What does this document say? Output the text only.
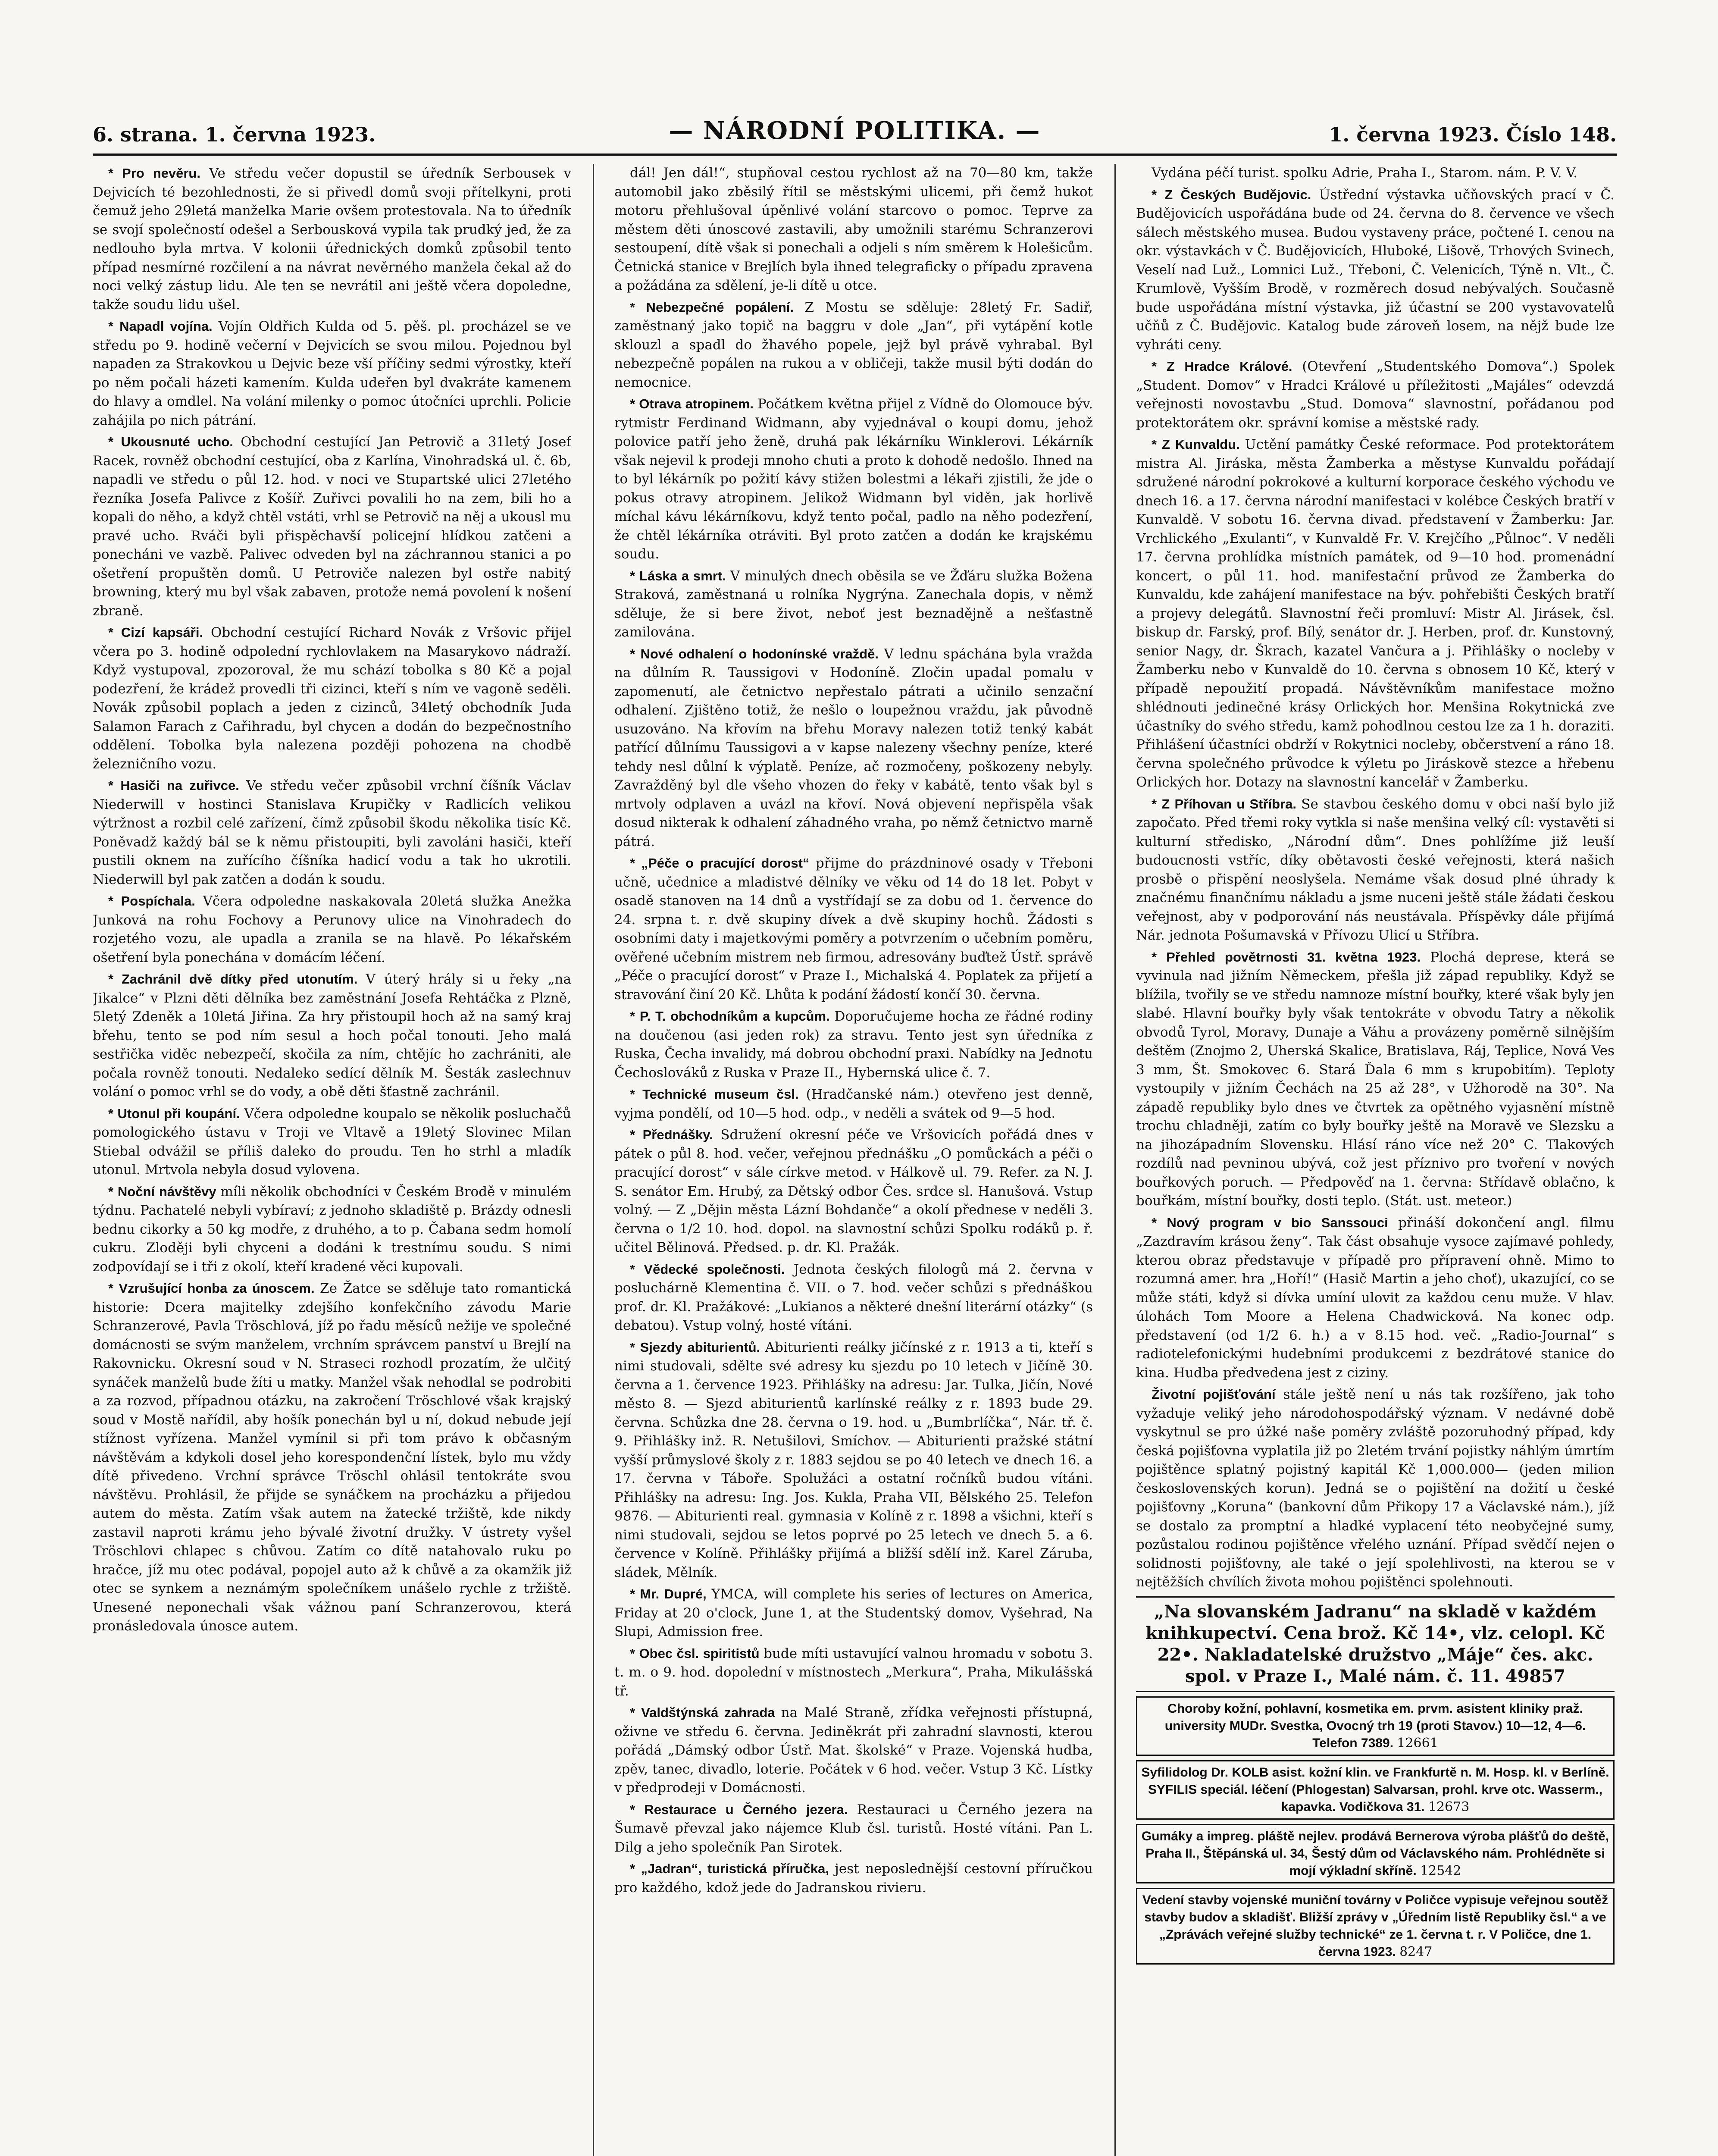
6. strana. 1. června 1923.	— NÁRODNÍ POLITIKA. —	1. června 1923. Číslo 148.

* Pro nevěru. Ve středu večer dopustil se úředník Serbousek v Dejvicích té bezohlednosti, že si přivedl domů svoji přítelkyni, proti čemuž jeho 29letá manželka Marie ovšem protestovala. Na to úředník se svojí společností odešel a Serbousková vypila tak prudký jed, že za nedlouho byla mrtva. V kolonii úřednických domků způsobil tento případ nesmírné rozčilení a na návrat nevěrného manžela čekal až do noci velký zástup lidu. Ale ten se nevrátil ani ještě včera dopoledne, takže soudu lidu ušel.

* Napadl vojína. Vojín Oldřich Kulda od 5. pěš. pl. procházel se ve středu po 9. hodině večerní v Dejvicích se svou milou. Pojednou byl napaden za Strakovkou u Dejvic beze vší příčiny sedmi výrostky, kteří po něm počali házeti kamením. Kulda udeřen byl dvakráte kamenem do hlavy a omdlel. Na volání milenky o pomoc útočníci uprchli. Policie zahájila po nich pátrání.

* Ukousnuté ucho. Obchodní cestující Jan Petrovič a 31letý Josef Racek, rovněž obchodní cestující, oba z Karlína, Vinohradská ul. č. 6b, napadli ve středu o půl 12. hod. v noci ve Stupartské ulici 27letého řezníka Josefa Palivce z Košíř. Zuřivci povalili ho na zem, bili ho a kopali do něho, a když chtěl vstáti, vrhl se Petrovič na něj a ukousl mu pravé ucho. Rváči byli přispěchavší policejní hlídkou zatčeni a ponecháni ve vazbě. Palivec odveden byl na záchrannou stanici a po ošetření propuštěn domů. U Petroviče nalezen byl ostře nabitý browning, který mu byl však zabaven, protože nemá povolení k nošení zbraně.

* Cizí kapsáři. Obchodní cestující Richard Novák z Vršovic přijel včera po 3. hodině odpolední rychlovlakem na Masarykovo nádraží. Když vystupoval, zpozoroval, že mu schází tobolka s 80 Kč a pojal podezření, že krádež provedli tři cizinci, kteří s ním ve vagoně seděli. Novák způsobil poplach a jeden z cizinců, 34letý obchodník Juda Salamon Farach z Cařihradu, byl chycen a dodán do bezpečnostního oddělení. Tobolka byla nalezena později pohozena na chodbě železničního vozu.

* Hasiči na zuřivce. Ve středu večer způsobil vrchní číšník Václav Niederwill v hostinci Stanislava Krupičky v Radlicích velikou výtržnost a rozbil celé zařízení, čímž způsobil škodu několika tisíc Kč. Poněvadž každý bál se k němu přistoupiti, byli zavoláni hasiči, kteří pustili oknem na zuřícího číšníka hadicí vodu a tak ho ukrotili. Niederwill byl pak zatčen a dodán k soudu.

* Pospíchala. Včera odpoledne naskakovala 20letá služka Anežka Junková na rohu Fochovy a Perunovy ulice na Vinohradech do rozjetého vozu, ale upadla a zranila se na hlavě. Po lékařském ošetření byla ponechána v domácím léčení.

* Zachránil dvě dítky před utonutím. V úterý hrály si u řeky „na Jikalce“ v Plzni děti dělníka bez zaměstnání Josefa Rehtáčka z Plzně, 5letý Zdeněk a 10letá Jiřina. Za hry přistoupil hoch až na samý kraj břehu, tento se pod ním sesul a hoch počal tonouti. Jeho malá sestřička viděc nebezpečí, skočila za ním, chtějíc ho zachrániti, ale počala rovněž tonouti. Nedaleko sedící dělník M. Šesták zaslechnuv volání o pomoc vrhl se do vody, a obě děti šťastně zachránil.

* Utonul při koupání. Včera odpoledne koupalo se několik posluchačů pomologického ústavu v Troji ve Vltavě a 19letý Slovinec Milan Stiebal odvážil se příliš daleko do proudu. Ten ho strhl a mladík utonul. Mrtvola nebyla dosud vylovena.

* Noční návštěvy míli několik obchodníci v Českém Brodě v minulém týdnu. Pachatelé nebyli vybíraví; z jednoho skladiště p. Brázdy odnesli bednu cikorky a 50 kg modře, z druhého, a to p. Čabana sedm homolí cukru. Zloději byli chyceni a dodáni k trestnímu soudu. S nimi zodpovídají se i tři z okolí, kteří kradené věci kupovali.

* Vzrušující honba za únoscem. Ze Žatce se sděluje tato romantická historie: Dcera majitelky zdejšího konfekčního závodu Marie Schranzerové, Pavla Tröschlová, jíž po řadu měsíců nežije ve společné domácnosti se svým manželem, vrchním správcem panství u Brejlí na Rakovnicku. Okresní soud v N. Straseci rozhodl prozatím, že ulčitý synáček manželů bude žíti u matky. Manžel však nehodlal se podrobiti a za rozvod, případnou otázku, na zakročení Tröschlové však krajský soud v Mostě nařídil, aby hošík ponechán byl u ní, dokud nebude její stížnost vyřízena. Manžel vymínil si při tom právo k občasným návštěvám a kdykoli dosel jeho korespondenční lístek, bylo mu vždy dítě přivedeno. Vrchní správce Tröschl ohlásil tentokráte svou návštěvu. Prohlásil, že přijde se synáčkem na procházku a přijedou autem do města. Zatím však autem na žatecké tržiště, kde nikdy zastavil naproti krámu jeho bývalé životní družky. V ústrety vyšel Tröschlovi chlapec s chůvou. Zatím co dítě natahovalo ruku po hračce, jíž mu otec podával, popojel auto až k chůvě a za okamžik již otec se synkem a neznámým společníkem unášelo rychle z tržiště. Unesené neponechali však vážnou paní Schranzerovou, která pronásledovala únosce autem.

dál! Jen dál!“, stupňoval cestou rychlost až na 70—80 km, takže automobil jako zběsilý řítil se městskými ulicemi, při čemž hukot motoru přehlušoval úpěnlivé volání starcovo o pomoc. Teprve za městem děti únoscové zastavili, aby umožnili starému Schranzerovi sestoupení, dítě však si ponechali a odjeli s ním směrem k Holešicům. Četnická stanice v Brejlích byla ihned telegraficky o případu zpravena a požádána za sdělení, je-li dítě u otce.

* Nebezpečné popálení. Z Mostu se sděluje: 28letý Fr. Sadiř, zaměstnaný jako topič na baggru v dole „Jan“, při vytápění kotle sklouzl a spadl do žhavého popele, jejž byl právě vyhrabal. Byl nebezpečně popálen na rukou a v obličeji, takže musil býti dodán do nemocnice.

* Otrava atropinem. Počátkem května přijel z Vídně do Olomouce býv. rytmistr Ferdinand Widmann, aby vyjednával o koupi domu, jehož polovice patří jeho ženě, druhá pak lékárníku Winklerovi. Lékárník však nejevil k prodeji mnoho chuti a proto k dohodě nedošlo. Ihned na to byl lékárník po požití kávy stižen bolestmi a lékaři zjistili, že jde o pokus otravy atropinem. Jelikož Widmann byl viděn, jak horlivě míchal kávu lékárníkovu, když tento počal, padlo na něho podezření, že chtěl lékárníka otráviti. Byl proto zatčen a dodán ke krajskému soudu.

* Láska a smrt. V minulých dnech oběsila se ve Žďáru služka Božena Straková, zaměstnaná u rolníka Nygrýna. Zanechala dopis, v němž sděluje, že si bere život, neboť jest beznadějně a nešťastně zamilována.

* Nové odhalení o hodonínské vraždě. V lednu spáchána byla vražda na důlním R. Taussigovi v Hodoníně. Zločin upadal pomalu v zapomenutí, ale četnictvo nepřestalo pátrati a učinilo senzační odhalení. Zjištěno totiž, že nešlo o loupežnou vraždu, jak původně usuzováno. Na křovím na břehu Moravy nalezen totiž tenký kabát patřící důlnímu Taussigovi a v kapse nalezeny všechny peníze, které tehdy nesl důlní k výplatě. Peníze, ač rozmočeny, poškozeny nebyly. Zavražděný byl dle všeho vhozen do řeky v kabátě, tento však byl s mrtvoly odplaven a uvázl na křoví. Nová objevení nepřispěla však dosud nikterak k odhalení záhadného vraha, po němž četnictvo marně pátrá.

* „Péče o pracující dorost“ přijme do prázdninové osady v Třeboni učně, učednice a mladistvé dělníky ve věku od 14 do 18 let. Pobyt v osadě stanoven na 14 dnů a vystřídají se za dobu od 1. července do 24. srpna t. r. dvě skupiny dívek a dvě skupiny hochů. Žádosti s osobními daty i majetkovými poměry a potvrzením o učebním poměru, ověřené učebním mistrem neb firmou, adresovány buďtež Ústř. správě „Péče o pracující dorost“ v Praze I., Michalská 4. Poplatek za přijetí a stravování činí 20 Kč. Lhůta k podání žádostí končí 30. června.

* P. T. obchodníkům a kupcům. Doporučujeme hocha ze řádné rodiny na doučenou (asi jeden rok) za stravu. Tento jest syn úředníka z Ruska, Čecha invalidy, má dobrou obchodní praxi. Nabídky na Jednotu Čechoslováků z Ruska v Praze II., Hybernská ulice č. 7.

* Technické museum čsl. (Hradčanské nám.) otevřeno jest denně, vyjma pondělí, od 10—5 hod. odp., v neděli a svátek od 9—5 hod.

* Přednášky. Sdružení okresní péče ve Vršovicích pořádá dnes v pátek o půl 8. hod. večer, veřejnou přednášku „O pomůckách a péči o pracující dorost“ v sále církve metod. v Hálkově ul. 79. Refer. za N. J. S. senátor Em. Hrubý, za Dětský odbor Čes. srdce sl. Hanušová. Vstup volný. — Z „Dějin města Lázní Bohdanče“ a okolí přednese v neděli 3. června o 1/2 10. hod. dopol. na slavnostní schůzi Spolku rodáků p. ř. učitel Bělinová. Předsed. p. dr. Kl. Pražák.

* Vědecké společnosti. Jednota českých filologů má 2. června v posluchárně Klementina č. VII. o 7. hod. večer schůzi s přednáškou prof. dr. Kl. Pražákové: „Lukianos a některé dnešní literární otázky“ (s debatou). Vstup volný, hosté vítáni.

* Sjezdy abiturientů. Abiturienti reálky jičínské z r. 1913 a ti, kteří s nimi studovali, sdělte své adresy ku sjezdu po 10 letech v Jičíně 30. června a 1. července 1923. Přihlášky na adresu: Jar. Tulka, Jičín, Nové město 8. — Sjezd abiturientů karlínské reálky z r. 1893 bude 29. června. Schůzka dne 28. června o 19. hod. u „Bumbrlíčka“, Nár. tř. č. 9. Přihlášky inž. R. Netušilovi, Smíchov. — Abiturienti pražské státní vyšší průmyslové školy z r. 1883 sejdou se po 40 letech ve dnech 16. a 17. června v Táboře. Spolužáci a ostatní ročníků budou vítáni. Přihlášky na adresu: Ing. Jos. Kukla, Praha VII, Bělského 25. Telefon 9876. — Abiturienti real. gymnasia v Kolíně z r. 1898 a všichni, kteří s nimi studovali, sejdou se letos poprvé po 25 letech ve dnech 5. a 6. července v Kolíně. Přihlášky přijímá a bližší sdělí inž. Karel Záruba, sládek, Mělník.

* Mr. Dupré, YMCA, will complete his series of lectures on America, Friday at 20 o'clock, June 1, at the Studentský domov, Vyšehrad, Na Slupi, Admission free.

* Obec čsl. spiritistů bude míti ustavující valnou hromadu v sobotu 3. t. m. o 9. hod. dopolední v místnostech „Merkura“, Praha, Mikulášská tř.

* Valdštýnská zahrada na Malé Straně, zřídka veřejnosti přístupná, oživne ve středu 6. června. Jediněkrát při zahradní slavnosti, kterou pořádá „Dámský odbor Ústř. Mat. školské“ v Praze. Vojenská hudba, zpěv, tanec, divadlo, loterie. Počátek v 6 hod. večer. Vstup 3 Kč. Lístky v předprodeji v Domácnosti.

* Restaurace u Černého jezera. Restauraci u Černého jezera na Šumavě převzal jako nájemce Klub čsl. turistů. Hosté vítáni. Pan L. Dilg a jeho společník Pan Sirotek.

* „Jadran“, turistická příručka, jest neposlednější cestovní příručkou pro každého, kdož jede do Jadranskou rivieru.

Vydána péčí turist. spolku Adrie, Praha I., Starom. nám. P. V. V.

* Z Českých Budějovic. Ústřední výstavka učňovských prací v Č. Budějovicích uspořádána bude od 24. června do 8. července ve všech sálech městského musea. Budou vystaveny práce, počtené I. cenou na okr. výstavkách v Č. Budějovicích, Hluboké, Lišově, Trhových Svinech, Veselí nad Luž., Lomnici Luž., Třeboni, Č. Velenicích, Týně n. Vlt., Č. Krumlově, Vyšším Brodě, v rozměrech dosud nebývalých. Současně bude uspořádána místní výstavka, již účastní se 200 vystavovatelů učňů z Č. Budějovic. Katalog bude zároveň losem, na nějž bude lze vyhráti ceny.

* Z Hradce Králové. (Otevření „Studentského Domova“.) Spolek „Student. Domov“ v Hradci Králové u příležitosti „Majáles“ odevzdá veřejnosti novostavbu „Stud. Domova“ slavnostní, pořádanou pod protektorátem okr. správní komise a městské rady.

* Z Kunvaldu. Uctění památky České reformace. Pod protektorátem mistra Al. Jiráska, města Žamberka a městyse Kunvaldu pořádají sdružené národní pokrokové a kulturní korporace českého východu ve dnech 16. a 17. června národní manifestaci v kolébce Českých bratří v Kunvaldě. V sobotu 16. června divad. představení v Žamberku: Jar. Vrchlického „Exulanti“, v Kunvaldě Fr. V. Krejčího „Půlnoc“. V neděli 17. června prohlídka místních památek, od 9—10 hod. promenádní koncert, o půl 11. hod. manifestační průvod ze Žamberka do Kunvaldu, kde zahájení manifestace na býv. pohřebišti Českých bratří a projevy delegátů. Slavnostní řeči promluví: Mistr Al. Jirásek, čsl. biskup dr. Farský, prof. Bílý, senátor dr. J. Herben, prof. dr. Kunstovný, senior Nagy, dr. Škrach, kazatel Vančura a j. Přihlášky o nocleby v Žamberku nebo v Kunvaldě do 10. června s obnosem 10 Kč, který v případě nepoužití propadá. Návštěvníkům manifestace možno shlédnouti jedinečné krásy Orlických hor. Menšina Rokytnická zve účastníky do svého středu, kamž pohodlnou cestou lze za 1 h. doraziti. Přihlášení účastníci obdrží v Rokytnici nocleby, občerstvení a ráno 18. června společného průvodce k výletu po Jiráskově stezce a hřebenu Orlických hor. Dotazy na slavnostní kancelář v Žamberku.

* Z Příhovan u Stříbra. Se stavbou českého domu v obci naší bylo již započato. Před třemi roky vytkla si naše menšina velký cíl: vystavěti si kulturní středisko, „Národní dům“. Dnes pohlížíme již leuší budoucnosti vstříc, díky obětavosti české veřejnosti, která našich prosbě o přispění neoslyšela. Nemáme však dosud plné úhrady k značnému finančnímu nákladu a jsme nuceni ještě stále žádati českou veřejnost, aby v podporování nás neustávala. Příspěvky dále přijímá Nár. jednota Pošumavská v Přívozu Ulicí u Stříbra.

* Přehled povětrnosti 31. května 1923. Plochá deprese, která se vyvinula nad jižním Německem, přešla již západ republiky. Když se blížila, tvořily se ve středu namnoze místní bouřky, které však byly jen slabé. Hlavní bouřky byly však tentokráte v obvodu Tatry a několik obvodů Tyrol, Moravy, Dunaje a Váhu a provázeny poměrně silnějším deštěm (Znojmo 2, Uherská Skalice, Bratislava, Ráj, Teplice, Nová Ves 3 mm, Št. Smokovec 6. Stará Ďala 6 mm s krupobitím). Teploty vystoupily v jižním Čechách na 25 až 28°, v Užhorodě na 30°. Na západě republiky bylo dnes ve čtvrtek za opětného vyjasnění místně trochu chladněji, zatím co byly bouřky ještě na Moravě ve Slezsku a na jihozápadním Slovensku. Hlásí ráno více než 20° C. Tlakových rozdílů nad pevninou ubývá, což jest příznivo pro tvoření v nových bouřkových poruch. — Předpověď na 1. června: Střídavě oblačno, k bouřkám, místní bouřky, dosti teplo. (Stát. ust. meteor.)

* Nový program v bio Sanssouci přináší dokončení angl. filmu „Zazdravím krásou ženy“. Tak část obsahuje vysoce zajímavé pohledy, kterou obraz představuje v případě pro přípravení ohně. Mimo to rozumná amer. hra „Hoří!“ (Hasič Martin a jeho choť), ukazující, co se může státi, když si dívka umíní ulovit za každou cenu muže. V hlav. úlohách Tom Moore a Helena Chadwicková. Na konec odp. představení (od 1/2 6. h.) a v 8.15 hod. več. „Radio-Journal“ s radiotelefonickými hudebními produkcemi z bezdrátové stanice do kina. Hudba předvedena jest z ciziny.

Životní pojišťování stále ještě není u nás tak rozšířeno, jak toho vyžaduje veliký jeho národohospodářský význam. V nedávné době vyskytnul se pro úžké naše poměry zvláště pozoruhodný případ, kdy česká pojišťovna vyplatila již po 2letém trvání pojistky náhlým úmrtím pojištěnce splatný pojistný kapitál Kč 1,000.000— (jeden milion československých korun). Jedná se o pojištění na dožití u české pojišťovny „Koruna“ (bankovní dům Přikopy 17 a Václavské nám.), jíž se dostalo za promptní a hladké vyplacení této neobyčejné sumy, pozůstalou rodinou pojištěnce vřelého uznání. Případ svědčí nejen o solidnosti pojišťovny, ale také o její spolehlivosti, na kterou se v nejtěžších chvílích života mohou pojištěnci spolehnouti.

„Na slovanském Jadranu“ na skladě v každém knihkupectví. Cena brož. Kč 14•, vlz. celopl. Kč 22•. Nakladatelské družstvo „Máje“ čes. akc. spol. v Praze I., Malé nám. č. 11. 49857
Choroby kožní, pohlavní, kosmetika em. prvm. asistent kliniky praž. university MUDr. Svestka, Ovocný trh 19 (proti Stavov.) 10—12, 4—6. Telefon 7389. 12661
Syfilidolog Dr. KOLB asist. kožní klin. ve Frankfurtě n. M. Hosp. kl. v Berlíně. SYFILIS speciál. léčení (Phlogestan) Salvarsan, prohl. krve otc. Wasserm., kapavka. Vodičkova 31. 12673
Gumáky a impreg. pláště nejlev. prodává Bernerova výroba plášťů do deště, Praha II., Štěpánská ul. 34, Šestý dům od Václavského nám. Prohlédněte si mojí výkladní skříně. 12542
Vedení stavby vojenské muniční továrny v Poličce vypisuje veřejnou soutěž stavby budov a skladišť. Bližší zprávy v „Úředním listě Republiky čsl.“ a ve „Zprávách veřejné služby technické“ ze 1. června t. r. V Poličce, dne 1. června 1923. 8247
